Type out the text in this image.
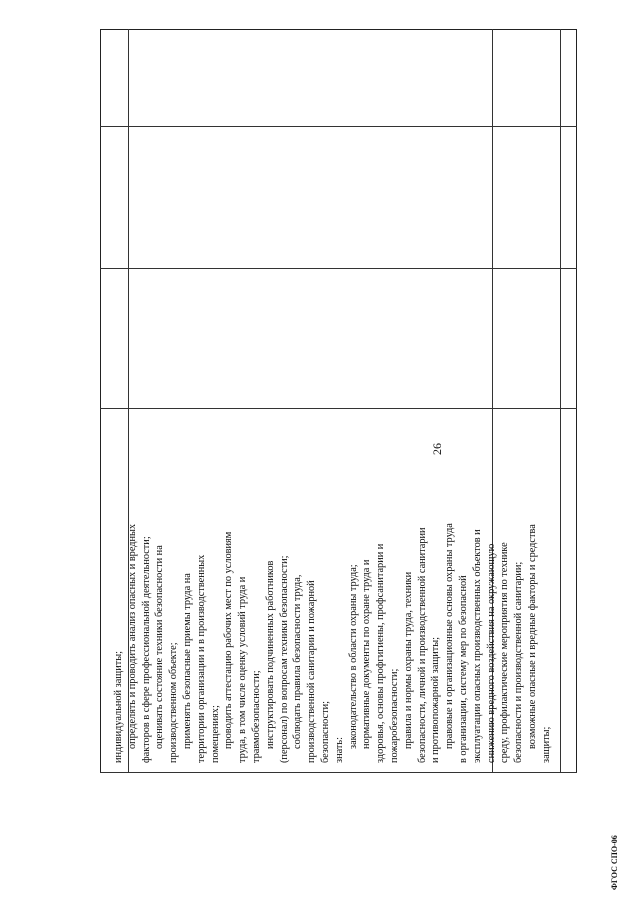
26
ФГОС СПО-06
индивидуальной защиты; определять и проводить анализ опасных и вредных факторов в сфере профессиональной деятельности; оценивать состояние техники безопасности на производственном объекте; применять безопасные приемы труда на территории организации и в производственных помещениях; проводить аттестацию рабочих мест по условиям труда, в том числе оценку условий труда и травмобезопасности; инструктировать подчиненных работников (персонал) по вопросам техники безопасности; соблюдать правила безопасности труда, производственной санитарии и пожарной безопасности; знать:
законодательство в области охраны труда; нормативные документы по охране труда и здоровья, основы профгигиены, профсанитарии и пожаробезопасности; правила и нормы охраны труда, техники безопасности, личной и производственной санитарии и противопожарной защиты; правовые и организационные основы охраны труда в организации, систему мер по безопасной эксплуатации опасных производственных объектов и снижению вредного воздействия на окружающую среду, профилактические мероприятия по технике безопасности и производственной санитарии; возможные опасные и вредные факторы и средства защиты;
